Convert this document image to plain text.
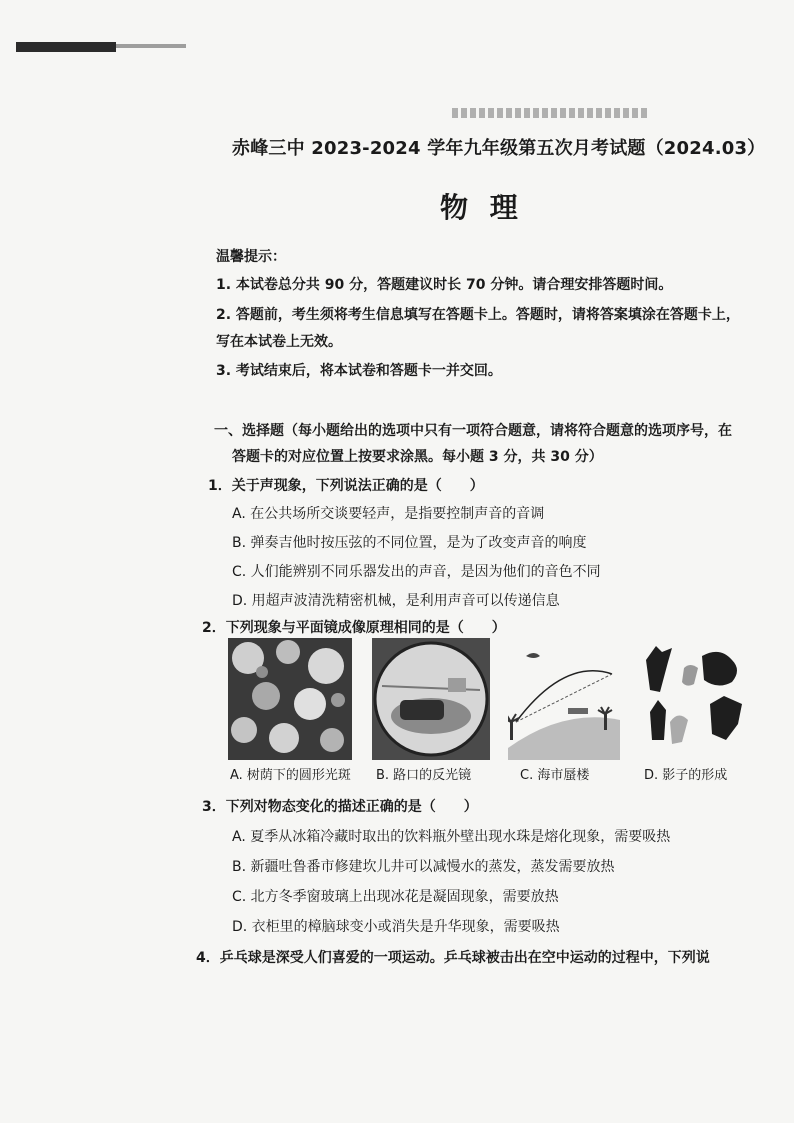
赤峰三中 2023-2024 学年九年级第五次月考试题（2024.03）
物 理
温馨提示：
1. 本试卷总分共 90 分，答题建议时长 70 分钟。请合理安排答题时间。
2. 答题前，考生须将考生信息填写在答题卡上。答题时，请将答案填涂在答题卡上，
写在本试卷上无效。
3. 考试结束后，将本试卷和答题卡一并交回。
一、选择题（每小题给出的选项中只有一项符合题意，请将符合题意的选项序号，在
答题卡的对应位置上按要求涂黑。每小题 3 分，共 30 分）
1．关于声现象，下列说法正确的是（　　）
A. 在公共场所交谈要轻声，是指要控制声音的音调
B. 弹奏吉他时按压弦的不同位置，是为了改变声音的响度
C. 人们能辨别不同乐器发出的声音，是因为他们的音色不同
D. 用超声波清洗精密机械，是利用声音可以传递信息
2．下列现象与平面镜成像原理相同的是（　　）
A. 树荫下的圆形光斑 B. 路口的反光镜	C. 海市蜃楼	D. 影子的形成
3．下列对物态变化的描述正确的是（　　）
A. 夏季从冰箱冷藏时取出的饮料瓶外壁出现水珠是熔化现象，需要吸热
B. 新疆吐鲁番市修建坎儿井可以减慢水的蒸发，蒸发需要放热
C. 北方冬季窗玻璃上出现冰花是凝固现象，需要放热
D. 衣柜里的樟脑球变小或消失是升华现象，需要吸热
4．乒乓球是深受人们喜爱的一项运动。乒乓球被击出在空中运动的过程中，下列说
